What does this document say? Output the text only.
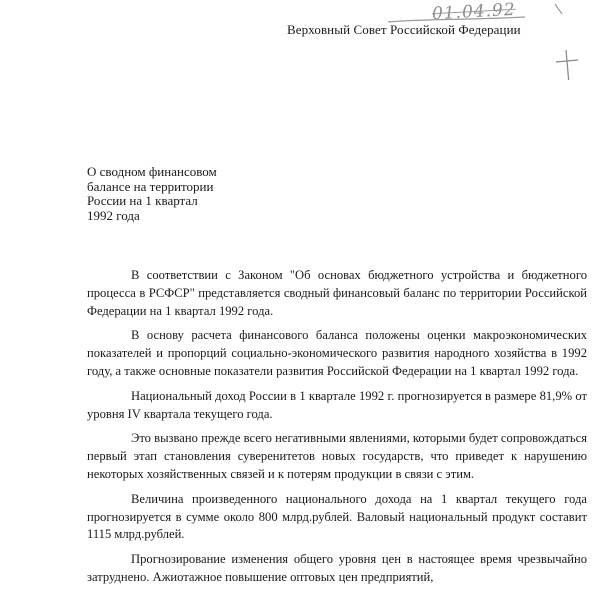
01.04.92
Верховный Совет Российской Федерации
О сводном финансовом
балансе на территории
России на 1 квартал
1992 года

В соответствии с Законом "Об основах бюджетного устройства и бюджетного процесса в РСФСР" представляется сводный финансовый баланс по территории Российской Федерации на 1 квартал 1992 года.

В основу расчета финансового баланса положены оценки макроэкономических показателей и пропорций социально-экономического развития народного хозяйства в 1992 году, а также основные показатели развития Российской Федерации на 1 квартал 1992 года.

Национальный доход России в 1 квартале 1992 г. прогнозируется в размере 81,9% от уровня IV квартала текущего года.

Это вызвано прежде всего негативными явлениями, которыми будет сопровождаться первый этап становления суверенитетов новых государств, что приведет к нарушению некоторых хозяйственных связей и к потерям продукции в связи с этим.

Величина произведенного национального дохода на 1 квартал текущего года прогнозируется в сумме около 800 млрд.рублей. Валовый национальный продукт составит 1115 млрд.рублей.

Прогнозирование изменения общего уровня цен в настоящее время чрезвычайно затруднено. Ажиотажное повышение оптовых цен предприятий,
